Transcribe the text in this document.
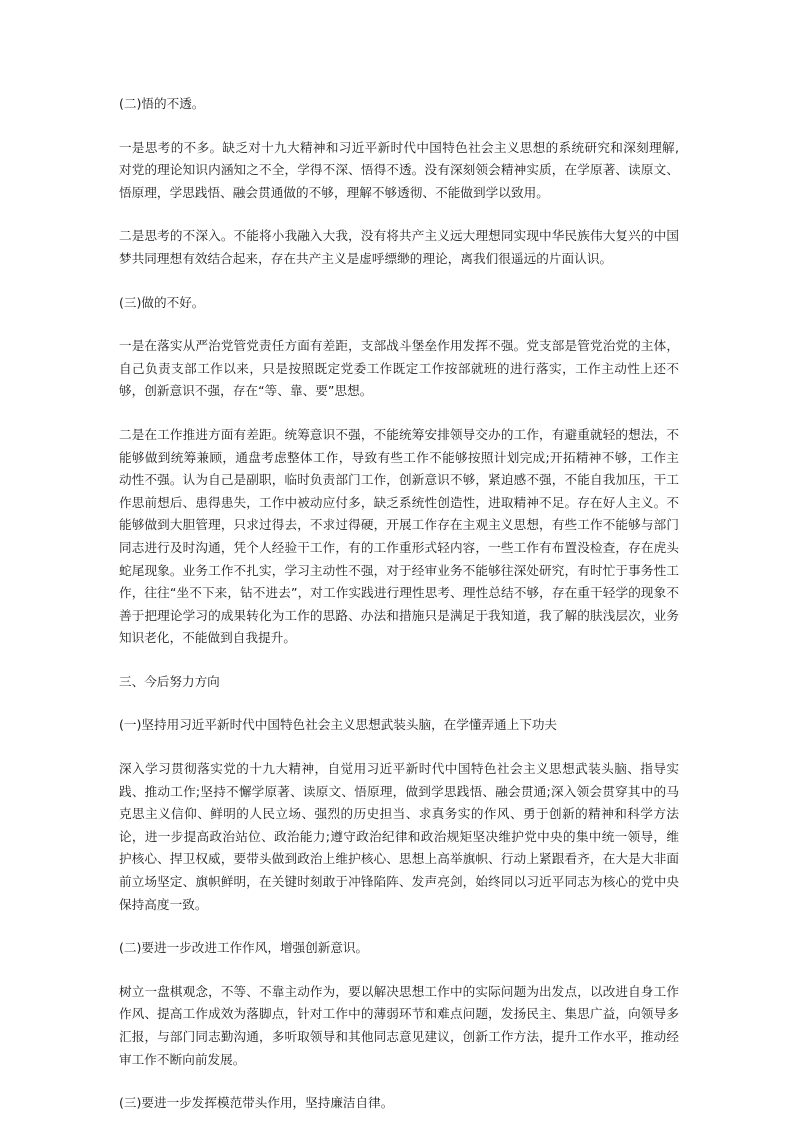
(二)悟的不透。

一是思考的不多。缺乏对十九大精神和习近平新时代中国特色社会主义思想的系统研究和深刻理解,对党的理论知识内涵知之不全，学得不深、悟得不透。没有深刻领会精神实质，在学原著、读原文、悟原理，学思践悟、融会贯通做的不够，理解不够透彻、不能做到学以致用。

二是思考的不深入。不能将小我融入大我，没有将共产主义远大理想同实现中华民族伟大复兴的中国梦共同理想有效结合起来，存在共产主义是虚呼缥缈的理论，离我们很遥远的片面认识。

(三)做的不好。

一是在落实从严治党管党责任方面有差距，支部战斗堡垒作用发挥不强。党支部是管党治党的主体，自己负责支部工作以来，只是按照既定党委工作既定工作按部就班的进行落实，工作主动性上还不够，创新意识不强，存在“等、靠、要”思想。

二是在工作推进方面有差距。统筹意识不强，不能统筹安排领导交办的工作，有避重就轻的想法，不能够做到统筹兼顾，通盘考虑整体工作，导致有些工作不能够按照计划完成;开拓精神不够，工作主动性不强。认为自己是副职，临时负责部门工作，创新意识不够，紧迫感不强，不能自我加压，干工作思前想后、患得患失，工作中被动应付多，缺乏系统性创造性，进取精神不足。存在好人主义。不能够做到大胆管理，只求过得去，不求过得硬，开展工作存在主观主义思想，有些工作不能够与部门同志进行及时沟通，凭个人经验干工作，有的工作重形式轻内容，一些工作有布置没检查，存在虎头蛇尾现象。业务工作不扎实，学习主动性不强，对于经审业务不能够往深处研究，有时忙于事务性工作，往往“坐不下来，钻不进去”，对工作实践进行理性思考、理性总结不够，存在重干轻学的现象不善于把理论学习的成果转化为工作的思路、办法和措施只是满足于我知道，我了解的肤浅层次，业务知识老化，不能做到自我提升。

三、今后努力方向

(一)坚持用习近平新时代中国特色社会主义思想武装头脑，在学懂弄通上下功夫

深入学习贯彻落实党的十九大精神，自觉用习近平新时代中国特色社会主义思想武装头脑、指导实践、推动工作;坚持不懈学原著、读原文、悟原理，做到学思践悟、融会贯通;深入领会贯穿其中的马克思主义信仰、鲜明的人民立场、强烈的历史担当、求真务实的作风、勇于创新的精神和科学方法论，进一步提高政治站位、政治能力;遵守政治纪律和政治规矩坚决维护党中央的集中统一领导，维护核心、捍卫权威，要带头做到政治上维护核心、思想上高举旗帜、行动上紧跟看齐，在大是大非面前立场坚定、旗帜鲜明，在关键时刻敢于冲锋陷阵、发声亮剑，始终同以习近平同志为核心的党中央保持高度一致。

(二)要进一步改进工作作风，增强创新意识。

树立一盘棋观念，不等、不靠主动作为，要以解决思想工作中的实际问题为出发点，以改进自身工作作风、提高工作成效为落脚点，针对工作中的薄弱环节和难点问题，发扬民主、集思广益，向领导多汇报，与部门同志勤沟通，多听取领导和其他同志意见建议，创新工作方法，提升工作水平，推动经审工作不断向前发展。

(三)要进一步发挥模范带头作用，坚持廉洁自律。
